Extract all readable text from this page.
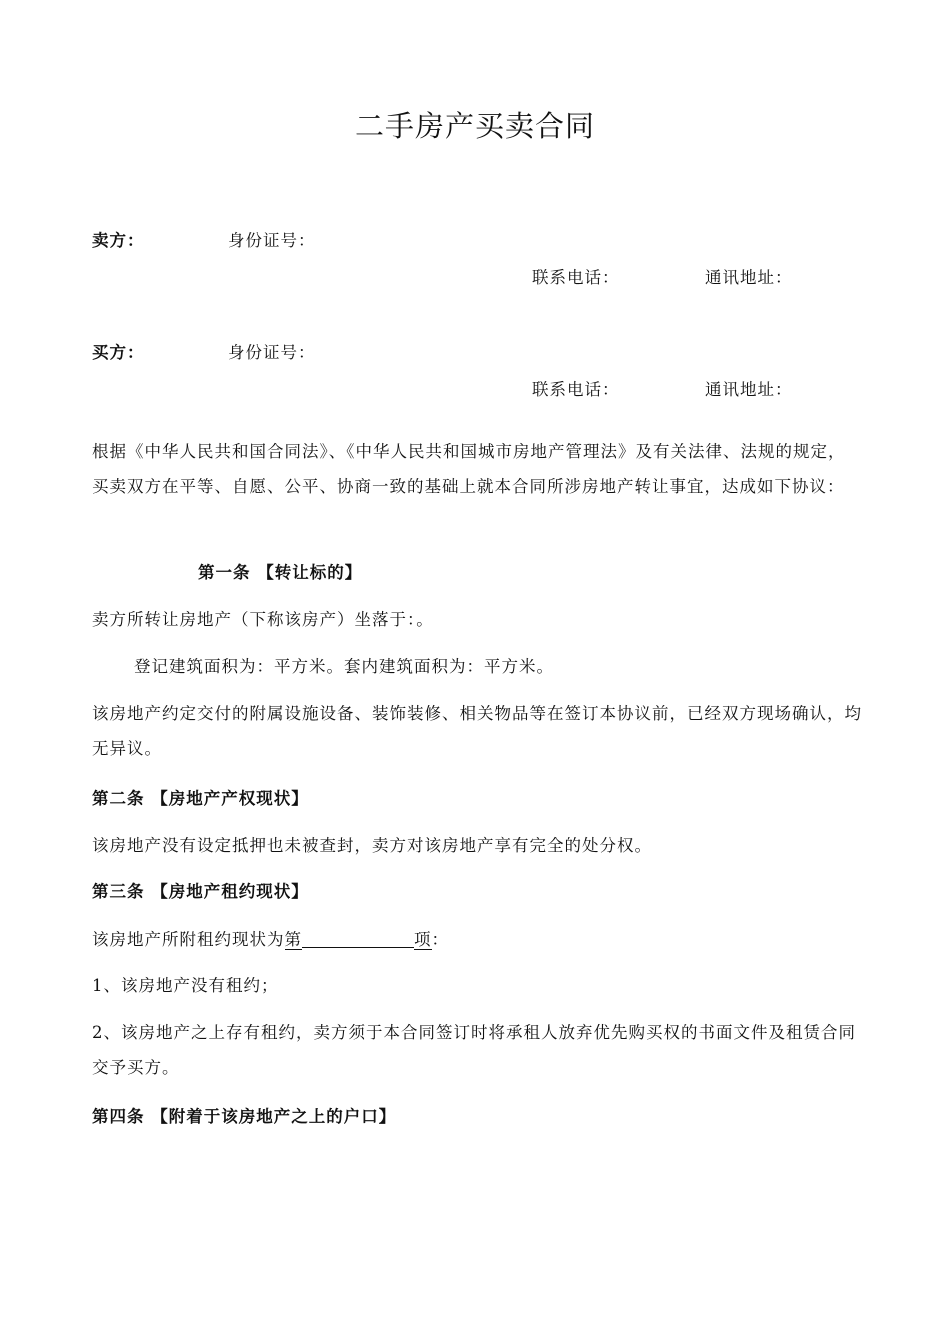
二手房产买卖合同
卖方：	身份证号：
联系电话：	通讯地址：
买方：	身份证号：
联系电话：	通讯地址：
根据《中华人民共和国合同法》、《中华人民共和国城市房地产管理法》及有关法律、法规的规定，买卖双方在平等、自愿、公平、协商一致的基础上就本合同所涉房地产转让事宜，达成如下协议：
第一条 【转让标的】
卖方所转让房地产（下称该房产）坐落于：。
登记建筑面积为：平方米。套内建筑面积为：平方米。
该房地产约定交付的附属设施设备、装饰装修、相关物品等在签订本协议前，已经双方现场确认，均无异议。
第二条 【房地产产权现状】
该房地产没有设定抵押也未被查封，卖方对该房地产享有完全的处分权。
第三条 【房地产租约现状】
该房地产所附租约现状为第	项：
1、该房地产没有租约；
2、该房地产之上存有租约，卖方须于本合同签订时将承租人放弃优先购买权的书面文件及租赁合同交予买方。
第四条 【附着于该房地产之上的户口】
